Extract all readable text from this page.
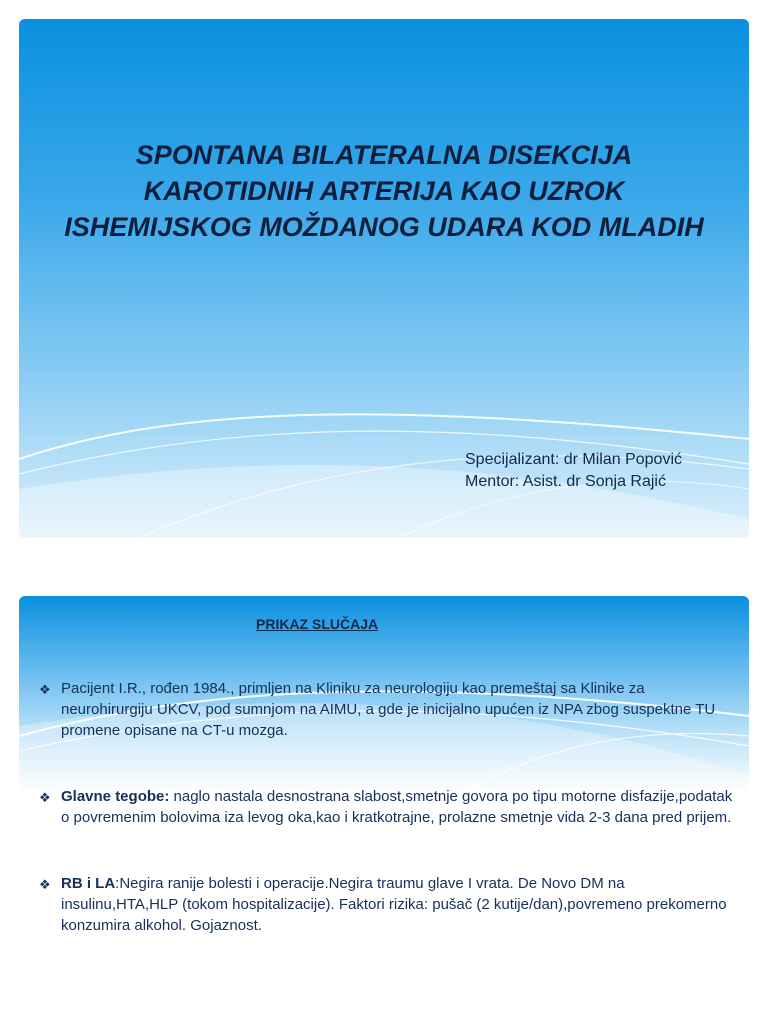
SPONTANA BILATERALNA DISEKCIJA KAROTIDNIH ARTERIJA KAO UZROK ISHEMIJSKOG MOŽDANOG UDARA KOD MLADIH
Specijalizant: dr Milan Popović
Mentor: Asist. dr Sonja Rajić
PRIKAZ SLUČAJA
❖ Pacijent I.R., rođen 1984., primljen na Kliniku za neurologiju kao premeštaj sa Klinike za neurohirurgiju UKCV, pod sumnjom na AIMU, a gde je inicijalno upućen iz NPA zbog suspektne TU promene opisane na CT-u mozga.
❖ Glavne tegobe: naglo nastala desnostrana slabost,smetnje govora po tipu motorne disfazije,podatak o povremenim bolovima iza levog oka,kao i kratkotrajne, prolazne smetnje vida 2-3 dana pred prijem.
❖ RB i LA:Negira ranije bolesti i operacije.Negira traumu glave I vrata. De Novo DM na insulinu,HTA,HLP (tokom hospitalizacije). Faktori rizika: pušač (2 kutije/dan),povremeno prekomerno konzumira alkohol. Gojaznost.
